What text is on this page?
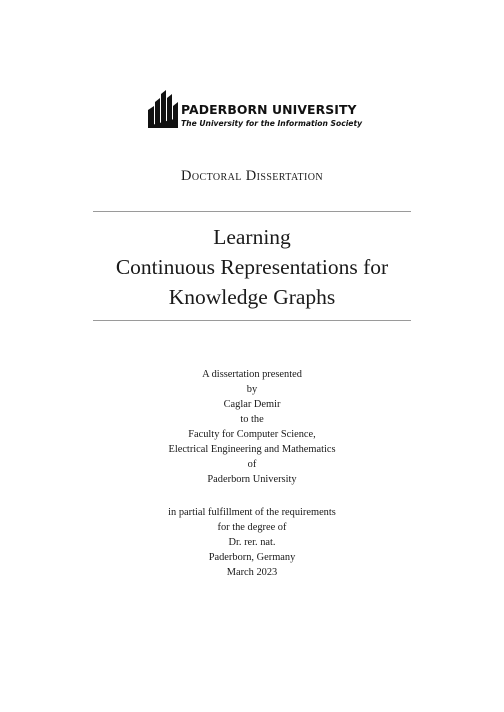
PADERBORN UNIVERSITY
The University for the Information Society
Doctoral Dissertation
Learning
Continuous Representations for
Knowledge Graphs
A dissertation presented
by
Caglar Demir
to the
Faculty for Computer Science,
Electrical Engineering and Mathematics
of
Paderborn University
in partial fulfillment of the requirements
for the degree of
Dr. rer. nat.
Paderborn, Germany
March 2023
